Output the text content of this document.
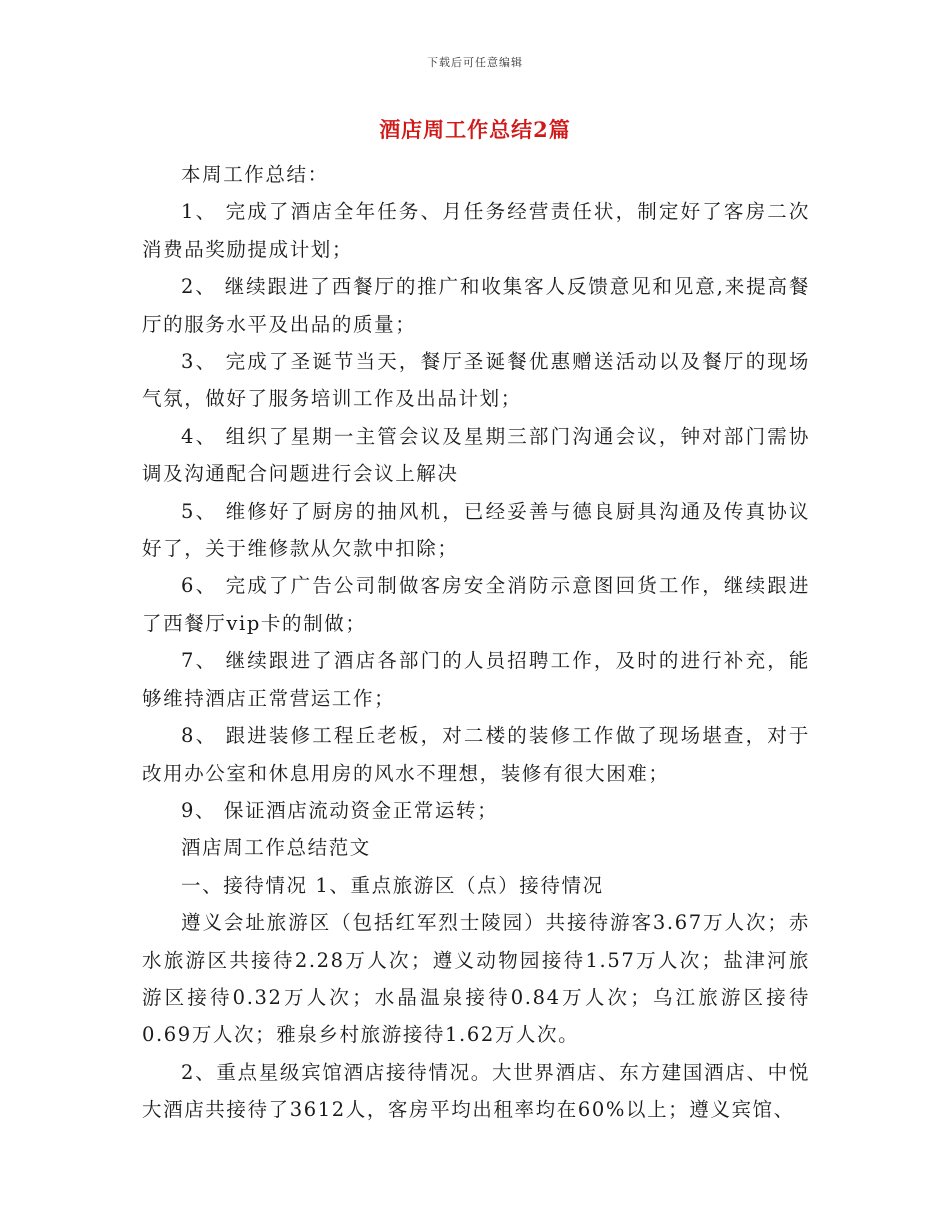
下载后可任意编辑
酒店周工作总结2篇

本周工作总结：

1、 完成了酒店全年任务、月任务经营责任状，制定好了客房二次消费品奖励提成计划；

2、 继续跟进了西餐厅的推广和收集客人反馈意见和见意,来提高餐厅的服务水平及出品的质量；

3、 完成了圣诞节当天，餐厅圣诞餐优惠赠送活动以及餐厅的现场气氛，做好了服务培训工作及出品计划；

4、 组织了星期一主管会议及星期三部门沟通会议，钟对部门需协调及沟通配合问题进行会议上解决

5、 维修好了厨房的抽风机，已经妥善与德良厨具沟通及传真协议好了，关于维修款从欠款中扣除；

6、 完成了广告公司制做客房安全消防示意图回货工作，继续跟进了西餐厅vip卡的制做；

7、 继续跟进了酒店各部门的人员招聘工作，及时的进行补充，能够维持酒店正常营运工作；

8、 跟进装修工程丘老板，对二楼的装修工作做了现场堪查，对于改用办公室和休息用房的风水不理想，装修有很大困难；

9、 保证酒店流动资金正常运转；

酒店周工作总结范文

一、接待情况 1、重点旅游区（点）接待情况

遵义会址旅游区（包括红军烈士陵园）共接待游客3.67万人次；赤水旅游区共接待2.28万人次；遵义动物园接待1.57万人次；盐津河旅游区接待0.32万人次；水晶温泉接待0.84万人次；乌江旅游区接待0.69万人次；雅泉乡村旅游接待1.62万人次。

2、重点星级宾馆酒店接待情况。大世界酒店、东方建国酒店、中悦大酒店共接待了3612人，客房平均出租率均在60%以上；遵义宾馆、
